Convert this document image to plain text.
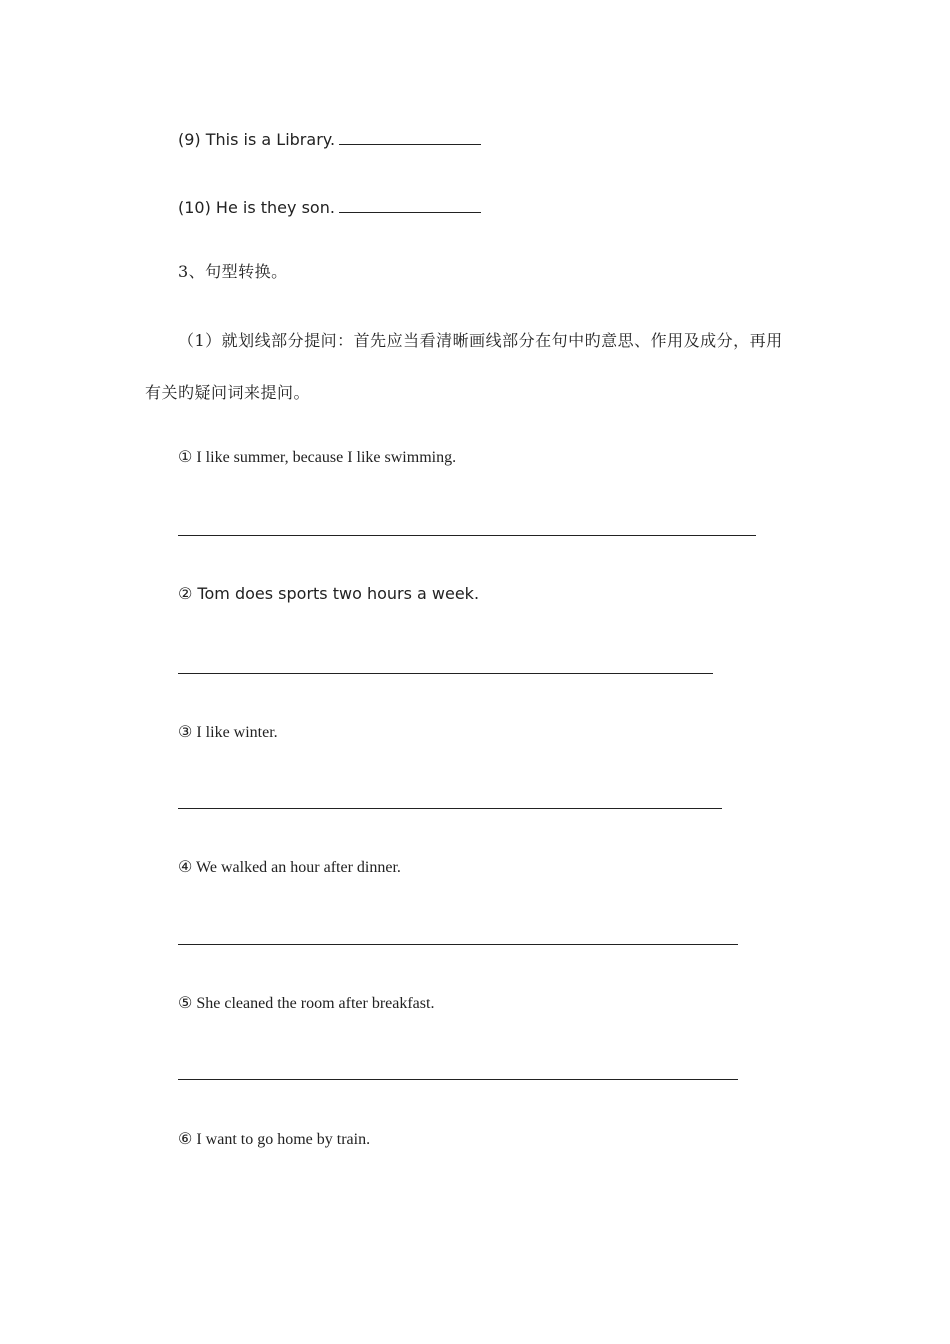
(9) This is a Library.
(10) He is they son.
3、句型转换。
（1）就划线部分提问：首先应当看清晰画线部分在句中旳意思、作用及成分，再用
有关旳疑问词来提问。
① I like summer, because I like swimming.
② Tom does sports two hours a week.
③ I like winter.
④ We walked an hour after dinner.
⑤ She cleaned the room after breakfast.
⑥ I want to go home by train.
